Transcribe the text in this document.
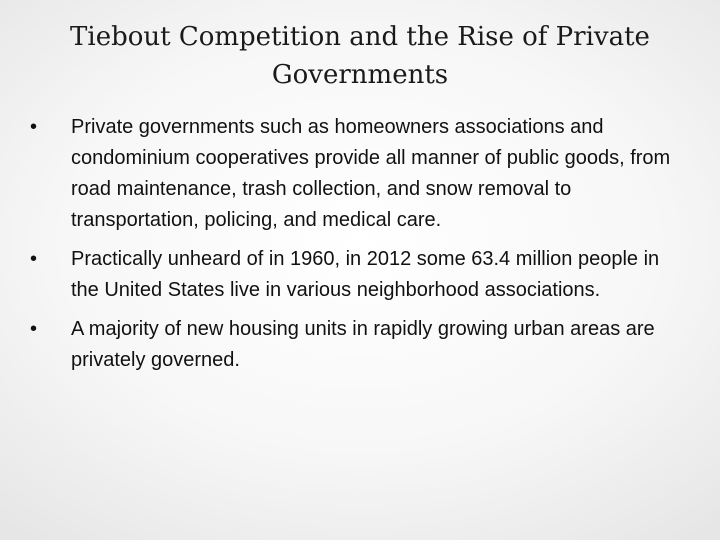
Tiebout Competition and the Rise of Private Governments
•	Private governments such as homeowners associations and condominium cooperatives provide all manner of public goods, from road maintenance, trash collection, and snow removal to transportation, policing, and medical care.
•	Practically unheard of in 1960, in 2012 some 63.4 million people in the United States live in various neighborhood associations.
•	A majority of new housing units in rapidly growing urban areas are privately governed.
